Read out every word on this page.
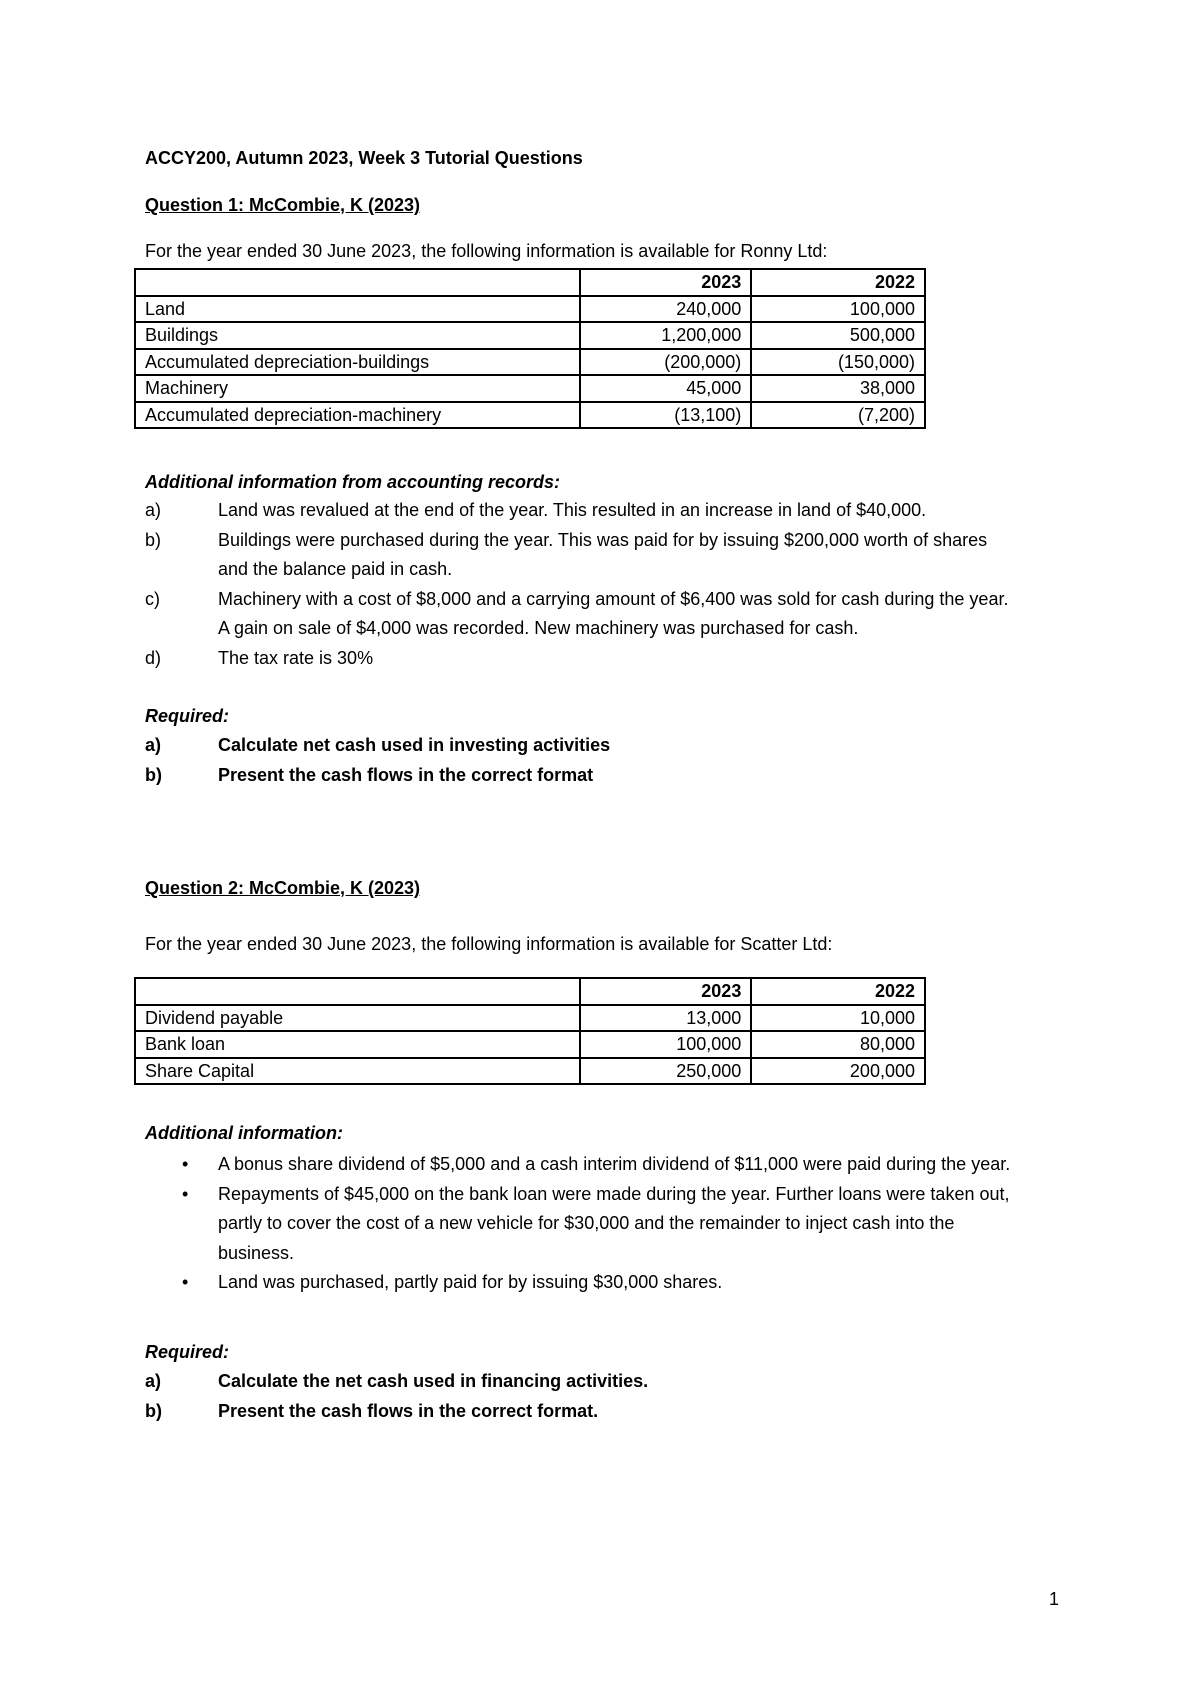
ACCY200, Autumn 2023, Week 3 Tutorial Questions
Question 1: McCombie, K (2023)
For the year ended 30 June 2023, the following information is available for Ronny Ltd:
	2023	2022
Land	240,000	100,000
Buildings	1,200,000	500,000
Accumulated depreciation-buildings	(200,000)	(150,000)
Machinery	45,000	38,000
Accumulated depreciation-machinery	(13,100)	(7,200)
Additional information from accounting records:
a)	Land was revalued at the end of the year. This resulted in an increase in land of $40,000.
b)	Buildings were purchased during the year. This was paid for by issuing $200,000 worth of shares and the balance paid in cash.
c)	Machinery with a cost of $8,000 and a carrying amount of $6,400 was sold for cash during the year. A gain on sale of $4,000 was recorded. New machinery was purchased for cash.
d)	The tax rate is 30%
Required:
a)	Calculate net cash used in investing activities
b)	Present the cash flows in the correct format
Question 2: McCombie, K (2023)
For the year ended 30 June 2023, the following information is available for Scatter Ltd:
	2023	2022
Dividend payable	13,000	10,000
Bank loan	100,000	80,000
Share Capital	250,000	200,000
Additional information:
• A bonus share dividend of $5,000 and a cash interim dividend of $11,000 were paid during the year.
• Repayments of $45,000 on the bank loan were made during the year. Further loans were taken out, partly to cover the cost of a new vehicle for $30,000 and the remainder to inject cash into the business.
• Land was purchased, partly paid for by issuing $30,000 shares.
Required:
a)	Calculate the net cash used in financing activities.
b)	Present the cash flows in the correct format.
1
